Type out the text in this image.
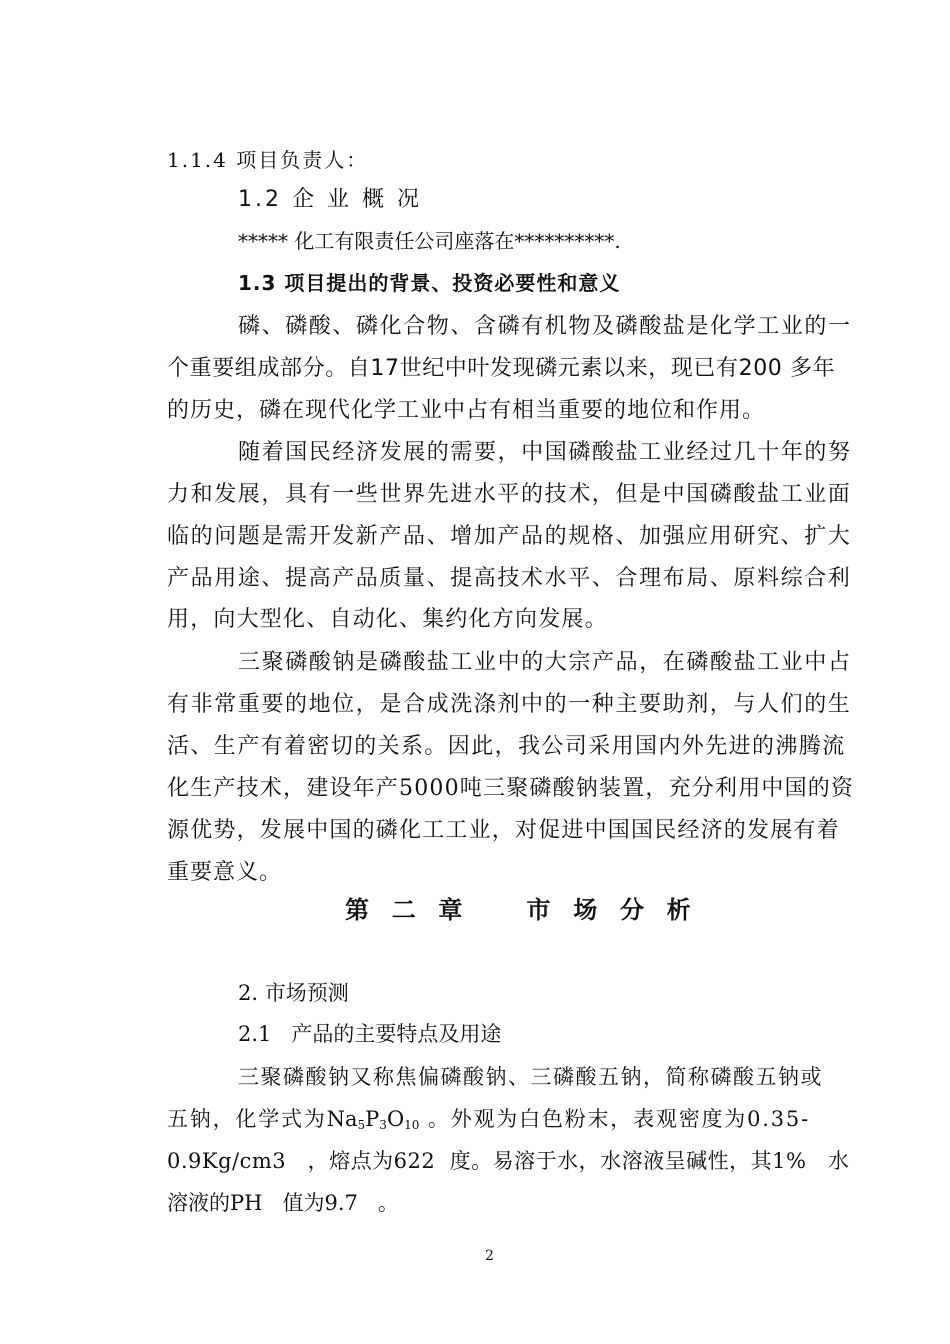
1.1.4 项目负责人：
1.2 企 业 概 况
***** 化工有限责任公司座落在**********.
1.3 项目提出的背景、投资必要性和意义
磷、磷酸、磷化合物、含磷有机物及磷酸盐是化学工业的一
个重要组成部分。自17世纪中叶发现磷元素以来，现已有200 多年
的历史，磷在现代化学工业中占有相当重要的地位和作用。
随着国民经济发展的需要，中国磷酸盐工业经过几十年的努
力和发展，具有一些世界先进水平的技术，但是中国磷酸盐工业面
临的问题是需开发新产品、增加产品的规格、加强应用研究、扩大
产品用途、提高产品质量、提高技术水平、合理布局、原料综合利
用，向大型化、自动化、集约化方向发展。
三聚磷酸钠是磷酸盐工业中的大宗产品，在磷酸盐工业中占
有非常重要的地位，是合成洗涤剂中的一种主要助剂，与人们的生
活、生产有着密切的关系。因此，我公司采用国内外先进的沸腾流
化生产技术，建设年产5000吨三聚磷酸钠装置，充分利用中国的资
源优势，发展中国的磷化工工业，对促进中国国民经济的发展有着
重要意义。
第  二  章      市  场  分  析
2. 市场预测
2.1   产品的主要特点及用途
三聚磷酸钠又称焦偏磷酸钠、三磷酸五钠，简称磷酸五钠或
五钠，化学式为$Na_5P_3O_{10}$ 。外观为白色粉末，表观密度为0.35-
0.9Kg/cm3   ，熔点为622  度。易溶于水，水溶液呈碱性，其1%   水
溶液的PH   值为9.7   。
2
